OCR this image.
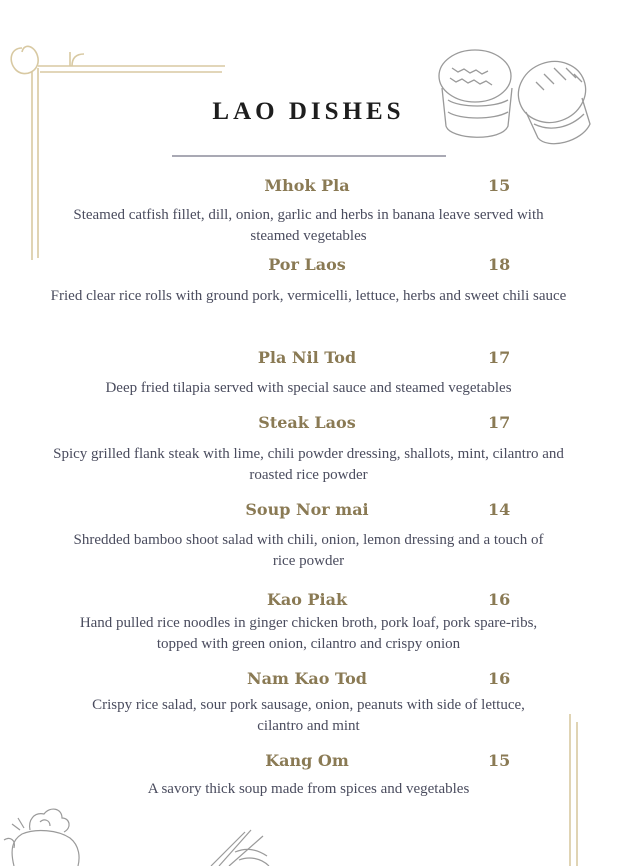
LAO DISHES
Mhok Pla	15
Steamed catfish fillet, dill, onion, garlic and herbs in banana leave served with steamed vegetables
Por Laos	18
Fried clear rice rolls with ground pork, vermicelli, lettuce, herbs and sweet chili sauce
Pla Nil Tod	17
Deep fried tilapia served with special sauce and steamed vegetables
Steak Laos	17
Spicy grilled flank steak with lime, chili powder dressing, shallots, mint, cilantro and roasted rice powder
Soup Nor mai	14
Shredded bamboo shoot salad with chili, onion, lemon dressing and a touch of rice powder
Kao Piak	16
Hand pulled rice noodles in ginger chicken broth, pork loaf, pork spare-ribs, topped with green onion, cilantro and crispy onion
Nam Kao Tod	16
Crispy rice salad, sour pork sausage, onion, peanuts with side of lettuce, cilantro and mint
Kang Om	15
A savory thick soup made from spices and vegetables
